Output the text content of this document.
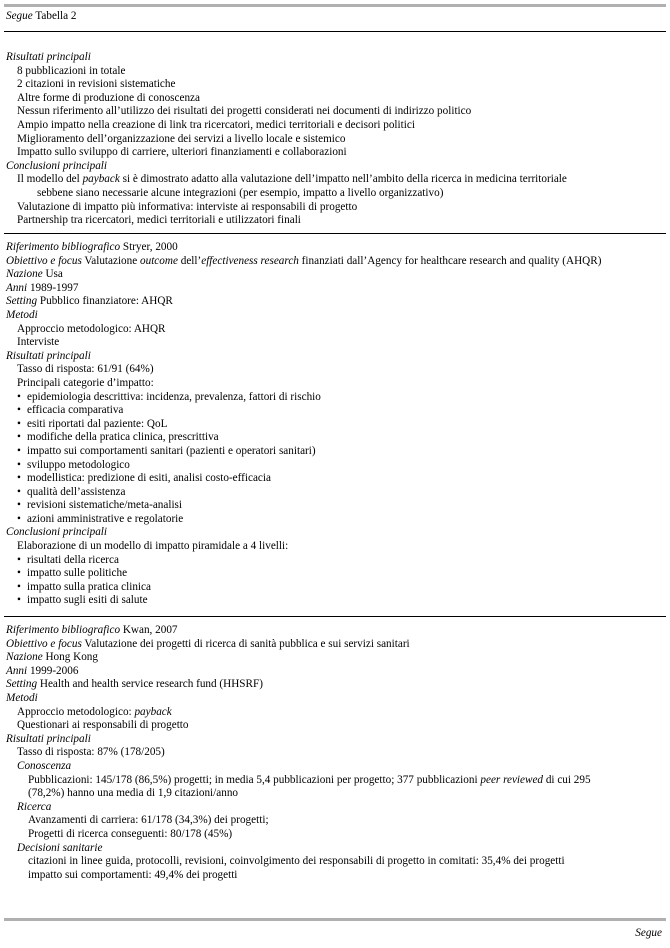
Segue Tabella 2
Risultati principali
8 pubblicazioni in totale
2 citazioni in revisioni sistematiche
Altre forme di produzione di conoscenza
Nessun riferimento all’utilizzo dei risultati dei progetti considerati nei documenti di indirizzo politico
Ampio impatto nella creazione di link tra ricercatori, medici territoriali e decisori politici
Miglioramento dell’organizzazione dei servizi a livello locale e sistemico
Impatto sullo sviluppo di carriere, ulteriori finanziamenti e collaborazioni
Conclusioni principali
Il modello del payback si è dimostrato adatto alla valutazione dell’impatto nell’ambito della ricerca in medicina territoriale
sebbene siano necessarie alcune integrazioni (per esempio, impatto a livello organizzativo)
Valutazione di impatto più informativa: interviste ai responsabili di progetto
Partnership tra ricercatori, medici territoriali e utilizzatori finali
Riferimento bibliografico Stryer, 2000
Obiettivo e focus Valutazione outcome dell’effectiveness research finanziati dall’Agency for healthcare research and quality (AHQR)
Nazione Usa
Anni 1989-1997
Setting Pubblico finanziatore: AHQR
Metodi
Approccio metodologico: AHQR
Interviste
Risultati principali
Tasso di risposta: 61/91 (64%)
Principali categorie d’impatto:
• epidemiologia descrittiva: incidenza, prevalenza, fattori di rischio
• efficacia comparativa
• esiti riportati dal paziente: QoL
• modifiche della pratica clinica, prescrittiva
• impatto sui comportamenti sanitari (pazienti e operatori sanitari)
• sviluppo metodologico
• modellistica: predizione di esiti, analisi costo-efficacia
• qualità dell’assistenza
• revisioni sistematiche/meta-analisi
• azioni amministrative e regolatorie
Conclusioni principali
Elaborazione di un modello di impatto piramidale a 4 livelli:
• risultati della ricerca
• impatto sulle politiche
• impatto sulla pratica clinica
• impatto sugli esiti di salute
Riferimento bibliografico Kwan, 2007
Obiettivo e focus Valutazione dei progetti di ricerca di sanità pubblica e sui servizi sanitari
Nazione Hong Kong
Anni 1999-2006
Setting Health and health service research fund (HHSRF)
Metodi
Approccio metodologico: payback
Questionari ai responsabili di progetto
Risultati principali
Tasso di risposta: 87% (178/205)
Conoscenza
Pubblicazioni: 145/178 (86,5%) progetti; in media 5,4 pubblicazioni per progetto; 377 pubblicazioni peer reviewed di cui 295
(78,2%) hanno una media di 1,9 citazioni/anno
Ricerca
Avanzamenti di carriera: 61/178 (34,3%) dei progetti;
Progetti di ricerca conseguenti: 80/178 (45%)
Decisioni sanitarie
citazioni in linee guida, protocolli, revisioni, coinvolgimento dei responsabili di progetto in comitati: 35,4% dei progetti
impatto sui comportamenti: 49,4% dei progetti
Segue
